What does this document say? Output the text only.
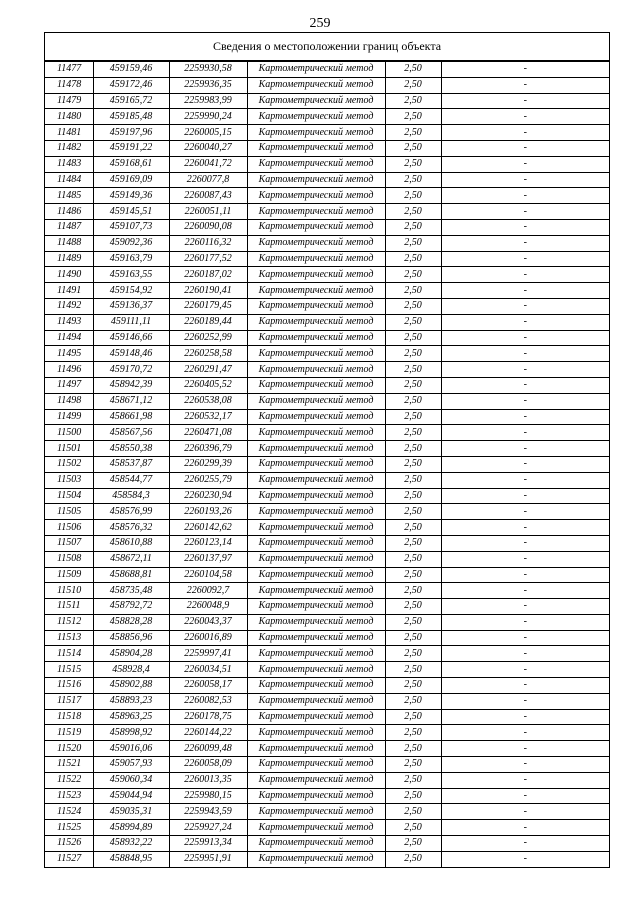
259
Сведения о местоположении границ объекта
11477	459159,46	2259930,58	Картометрический метод	2,50	-
11478	459172,46	2259936,35	Картометрический метод	2,50	-
11479	459165,72	2259983,99	Картометрический метод	2,50	-
11480	459185,48	2259990,24	Картометрический метод	2,50	-
11481	459197,96	2260005,15	Картометрический метод	2,50	-
11482	459191,22	2260040,27	Картометрический метод	2,50	-
11483	459168,61	2260041,72	Картометрический метод	2,50	-
11484	459169,09	2260077,8	Картометрический метод	2,50	-
11485	459149,36	2260087,43	Картометрический метод	2,50	-
11486	459145,51	2260051,11	Картометрический метод	2,50	-
11487	459107,73	2260090,08	Картометрический метод	2,50	-
11488	459092,36	2260116,32	Картометрический метод	2,50	-
11489	459163,79	2260177,52	Картометрический метод	2,50	-
11490	459163,55	2260187,02	Картометрический метод	2,50	-
11491	459154,92	2260190,41	Картометрический метод	2,50	-
11492	459136,37	2260179,45	Картометрический метод	2,50	-
11493	459111,11	2260189,44	Картометрический метод	2,50	-
11494	459146,66	2260252,99	Картометрический метод	2,50	-
11495	459148,46	2260258,58	Картометрический метод	2,50	-
11496	459170,72	2260291,47	Картометрический метод	2,50	-
11497	458942,39	2260405,52	Картометрический метод	2,50	-
11498	458671,12	2260538,08	Картометрический метод	2,50	-
11499	458661,98	2260532,17	Картометрический метод	2,50	-
11500	458567,56	2260471,08	Картометрический метод	2,50	-
11501	458550,38	2260396,79	Картометрический метод	2,50	-
11502	458537,87	2260299,39	Картометрический метод	2,50	-
11503	458544,77	2260255,79	Картометрический метод	2,50	-
11504	458584,3	2260230,94	Картометрический метод	2,50	-
11505	458576,99	2260193,26	Картометрический метод	2,50	-
11506	458576,32	2260142,62	Картометрический метод	2,50	-
11507	458610,88	2260123,14	Картометрический метод	2,50	-
11508	458672,11	2260137,97	Картометрический метод	2,50	-
11509	458688,81	2260104,58	Картометрический метод	2,50	-
11510	458735,48	2260092,7	Картометрический метод	2,50	-
11511	458792,72	2260048,9	Картометрический метод	2,50	-
11512	458828,28	2260043,37	Картометрический метод	2,50	-
11513	458856,96	2260016,89	Картометрический метод	2,50	-
11514	458904,28	2259997,41	Картометрический метод	2,50	-
11515	458928,4	2260034,51	Картометрический метод	2,50	-
11516	458902,88	2260058,17	Картометрический метод	2,50	-
11517	458893,23	2260082,53	Картометрический метод	2,50	-
11518	458963,25	2260178,75	Картометрический метод	2,50	-
11519	458998,92	2260144,22	Картометрический метод	2,50	-
11520	459016,06	2260099,48	Картометрический метод	2,50	-
11521	459057,93	2260058,09	Картометрический метод	2,50	-
11522	459060,34	2260013,35	Картометрический метод	2,50	-
11523	459044,94	2259980,15	Картометрический метод	2,50	-
11524	459035,31	2259943,59	Картометрический метод	2,50	-
11525	458994,89	2259927,24	Картометрический метод	2,50	-
11526	458932,22	2259913,34	Картометрический метод	2,50	-
11527	458848,95	2259951,91	Картометрический метод	2,50	-
